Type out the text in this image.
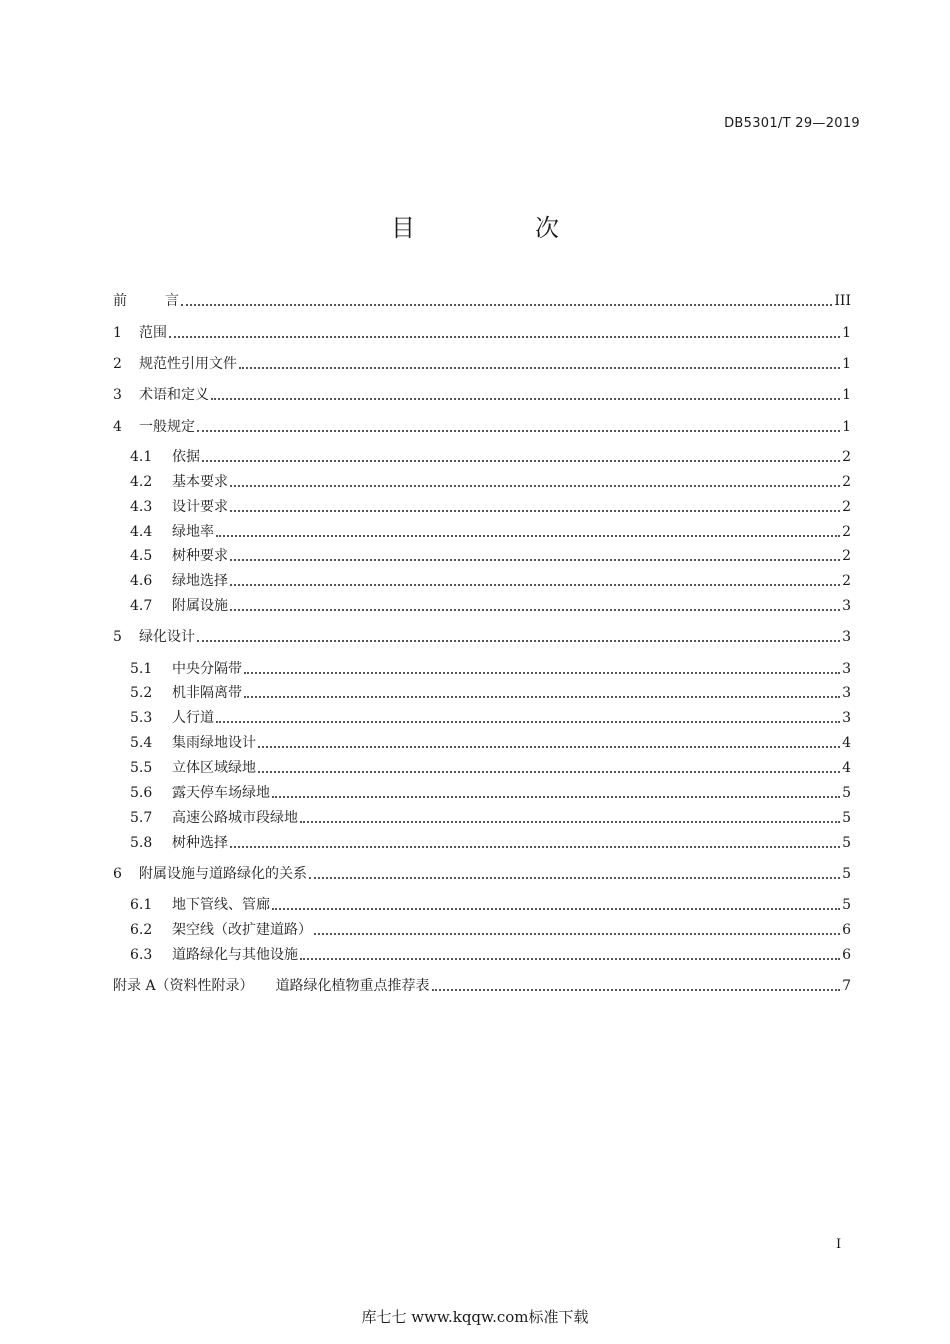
DB5301/T 29—2019
目　次
前	言	III
1	范围	1
2	规范性引用文件	1
3	术语和定义	1
4	一般规定	1
4.1	依据	2
4.2	基本要求	2
4.3	设计要求	2
4.4	绿地率	2
4.5	树种要求	2
4.6	绿地选择	2
4.7	附属设施	3
5	绿化设计	3
5.1	中央分隔带	3
5.2	机非隔离带	3
5.3	人行道	3
5.4	集雨绿地设计	4
5.5	立体区域绿地	4
5.6	露天停车场绿地	5
5.7	高速公路城市段绿地	5
5.8	树种选择	5
6	附属设施与道路绿化的关系	5
6.1	地下管线、管廊	5
6.2	架空线（改扩建道路）	6
6.3	道路绿化与其他设施	6
附录 A（资料性附录） 道路绿化植物重点推荐表	7
I
库七七 www.kqqw.com标准下载
